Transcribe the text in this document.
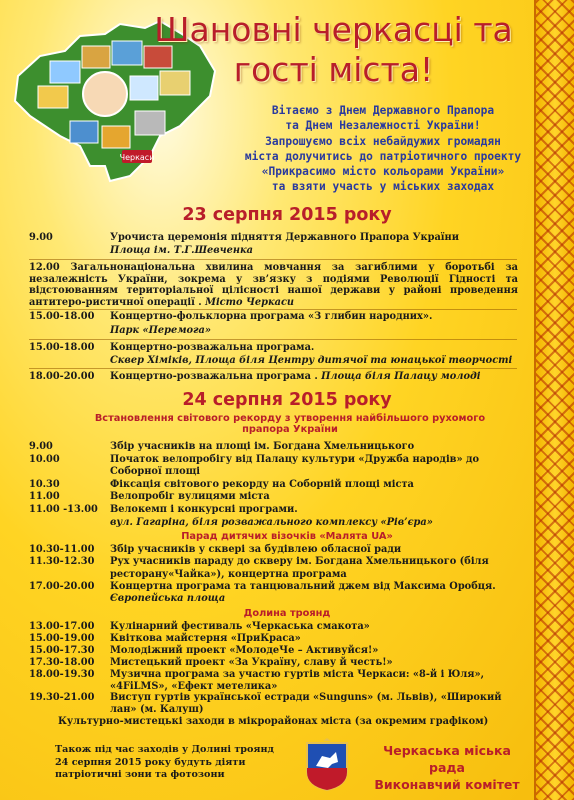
Черкаси
Шановні черкасці та
гості міста!
Вітаємо з Днем Державного Прапора
та Днем Незалежності України!
Запрошуємо всіх небайдужих громадян
міста долучитись до патріотичного проекту
«Прикрасимо місто кольорами України»
та взяти участь у міських заходах
23 серпня 2015 року
9.00	Урочиста церемонія підняття Державного Прапора України
Площа ім. Т.Г.Шевченка
12.00 Загальнонаціональна хвилина мовчання за загиблими у боротьбі за незалежність України, зокрема у зв’язку з подіями Революції Гідності та відстоюванням територіальної цілісності нашої держави у районі проведення антитеро-ристичної операції . Місто Черкаси
15.00-18.00 Концертно-фольклорна програма «З глибин народних».
Парк «Перемога»
15.00-18.00 Концертно-розважальна програма.
Сквер Хіміків, Площа біля Центру дитячої та юнацької творчості
18.00-20.00 Концертно-розважальна програма . Площа біля Палацу молоді
24 серпня 2015 року
Встановлення світового рекорду з утворення найбільшого рухомого прапора України
9.00	Збір учасників на площі ім. Богдана Хмельницького
10.00	Початок велопробігу від Палацу культури «Дружба народів» до
Соборної площі
10.30	Фіксація світового рекорду на Соборній площі міста
11.00	Велопробіг вулицями міста
11.00 -13.00 Велокемп і конкурсні програми.
вул. Гагаріна, біля розважального комплексу «Рів’єра»
Парад дитячих візочків «Малята UA»
10.30-11.00 Збір учасників у сквері за будівлею обласної ради
11.30-12.30 Рух учасників параду до скверу ім. Богдана Хмельницького (біля
ресторану«Чайка»), концертна програма
17.00-20.00 Концертна програма та танцювальний джем від Максима Оробця.
Європейська площа
Долина троянд
13.00-17.00 Кулінарний фестиваль «Черкаська смакота»
15.00-19.00 Квіткова майстерня «ПриКраса»
15.00-17.30 Молодіжний проект «МолодеЧе – Активуйся!»
17.30-18.00 Мистецький проект «За Україну, славу й честь!»
18.00-19.30 Музична програма за участю гуртів міста Черкаси: «8-й і Юля»,
«4FiLMS», «Ефект метелика»
19.30-21.00 Виступ гуртів української естради «Sunguns» (м. Львів), «Широкий
лан» (м. Калуш)
Культурно-мистецькі заходи в мікрорайонах міста (за окремим графіком)
Також під час заходів у Долині троянд
24 серпня 2015 року будуть діяти
патріотичні зони та фотозони
Черкаська міська рада
Виконавчий комітет
